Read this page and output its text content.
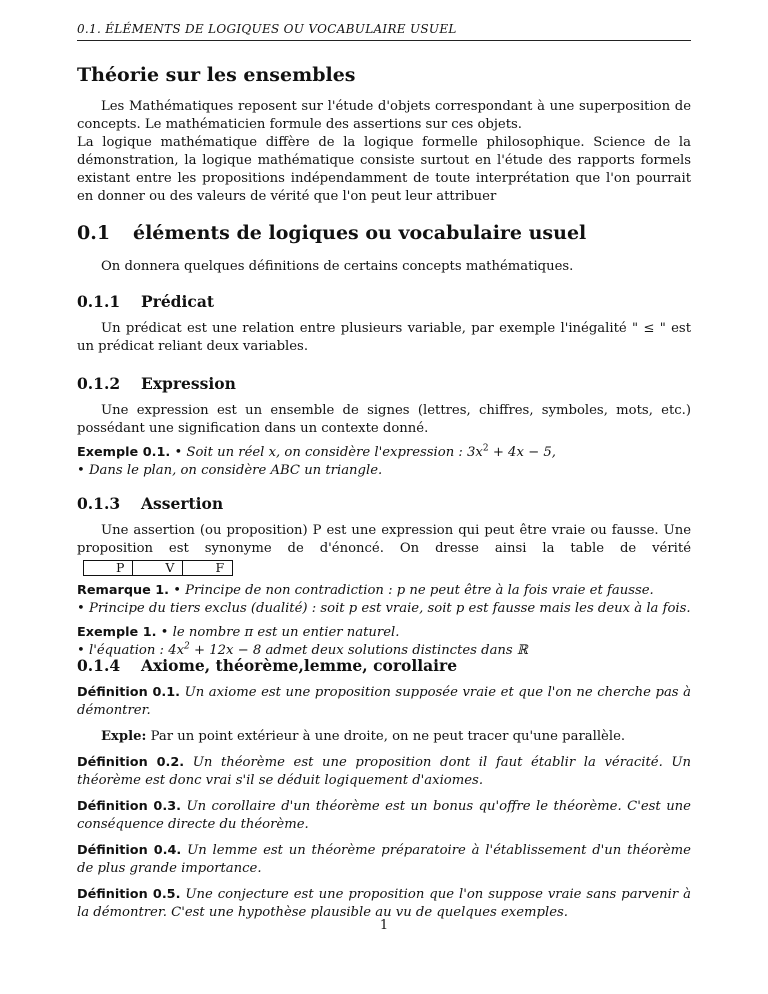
0.1. ÉLÉMENTS DE LOGIQUES OU VOCABULAIRE USUEL
Théorie sur les ensembles

Les Mathématiques reposent sur l'étude d'objets correspondant à une superposition de concepts. Le mathématicien formule des assertions sur ces objets.

La logique mathématique diffère de la logique formelle philosophique. Science de la démonstration, la logique mathématique consiste surtout en l'étude des rapports formels existant entre les propositions indépendamment de toute interprétation que l'on pourrait en donner ou des valeurs de vérité que l'on peut leur attribuer

0.1 éléments de logiques ou vocabulaire usuel

On donnera quelques définitions de certains concepts mathématiques.

0.1.1 Prédicat

Un prédicat est une relation entre plusieurs variable, par exemple l'inégalité " ≤ " est un prédicat reliant deux variables.

0.1.2 Expression

Une expression est un ensemble de signes (lettres, chiffres, symboles, mots, etc.) possédant une signification dans un contexte donné.

Exemple 0.1. • Soit un réel x, on considère l'expression : $3x^2 + 4x - 5$,

• Dans le plan, on considère ABC un triangle.

0.1.3 Assertion

Une assertion (ou proposition) P est une expression qui peut être vraie ou fausse. Une proposition est synonyme de d'énoncé. On dresse ainsi la table de vérité
P	V	F

Remarque 1. • Principe de non contradiction : p ne peut être à la fois vraie et fausse.

• Principe du tiers exclus (dualité) : soit p est vraie, soit p est fausse mais les deux à la fois.

Exemple 1. • le nombre π est un entier naturel.

• l'équation : $4x^2 + 12x - 8$ admet deux solutions distinctes dans ℝ

0.1.4 Axiome, théorème,lemme, corollaire

Définition 0.1. Un axiome est une proposition supposée vraie et que l'on ne cherche pas à démontrer.

Exple: Par un point extérieur à une droite, on ne peut tracer qu'une parallèle.

Définition 0.2. Un théorème est une proposition dont il faut établir la véracité. Un théorème est donc vrai s'il se déduit logiquement d'axiomes.

Définition 0.3. Un corollaire d'un théorème est un bonus qu'offre le théorème. C'est une conséquence directe du théorème.

Définition 0.4. Un lemme est un théorème préparatoire à l'établissement d'un théorème de plus grande importance.

Définition 0.5. Une conjecture est une proposition que l'on suppose vraie sans parvenir à la démontrer. C'est une hypothèse plausible au vu de quelques exemples.

1
